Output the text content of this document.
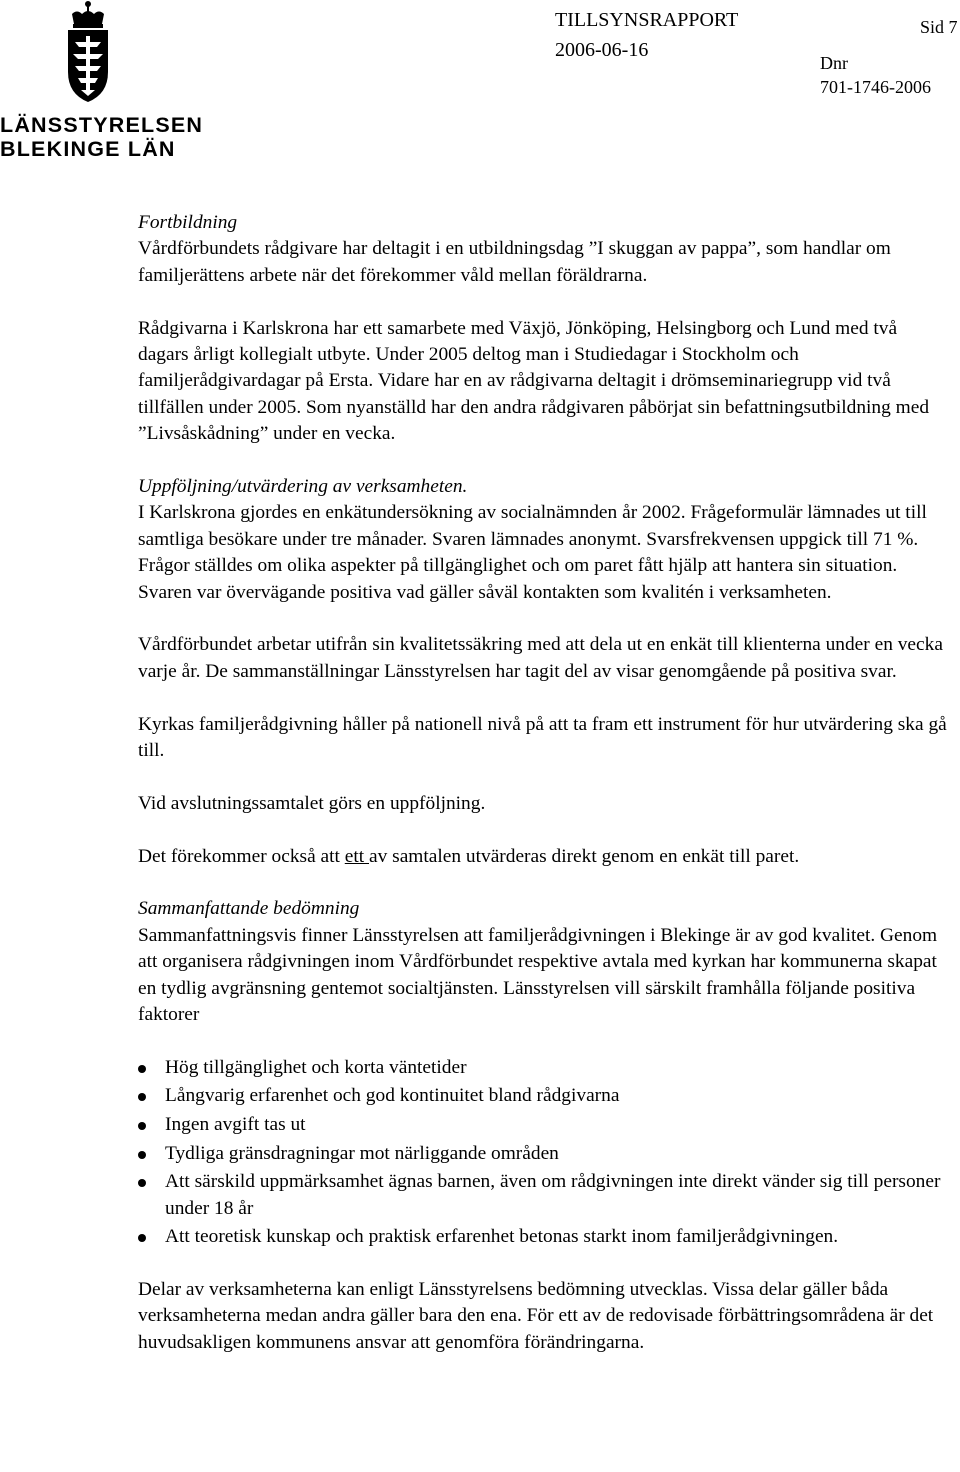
LÄNSSTYRELSEN
BLEKINGE LÄN
TILLSYNSRAPPORT
2006-06-16
Sid 7
Dnr
701-1746-2006

Fortbildning

Vårdförbundets rådgivare har deltagit i en utbildningsdag ”I skuggan av pappa”, som handlar om familjerättens arbete när det förekommer våld mellan föräldrarna.

Rådgivarna i Karlskrona har ett samarbete med Växjö, Jönköping, Helsingborg och Lund med två dagars årligt kollegialt utbyte. Under 2005 deltog man i Studiedagar i Stockholm och familjerådgivardagar på Ersta. Vidare har en av rådgivarna deltagit i drömseminariegrupp vid två tillfällen under 2005. Som nyanställd har den andra rådgivaren påbörjat sin befattningsutbildning med ”Livsåskådning” under en vecka.

Uppföljning/utvärdering av verksamheten.

I Karlskrona gjordes en enkätundersökning av socialnämnden år 2002. Frågeformulär lämnades ut till samtliga besökare under tre månader. Svaren lämnades anonymt. Svarsfrekvensen uppgick till 71 %. Frågor ställdes om olika aspekter på tillgänglighet och om paret fått hjälp att hantera sin situation. Svaren var övervägande positiva vad gäller såväl kontakten som kvalitén i verksamheten.

Vårdförbundet arbetar utifrån sin kvalitetssäkring med att dela ut en enkät till klienterna under en vecka varje år. De sammanställningar Länsstyrelsen har tagit del av visar genomgående på positiva svar.

Kyrkas familjerådgivning håller på nationell nivå på att ta fram ett instrument för hur utvärdering ska gå till.

Vid avslutningssamtalet görs en uppföljning.

Det förekommer också att ett av samtalen utvärderas direkt genom en enkät till paret.

Sammanfattande bedömning

Sammanfattningsvis finner Länsstyrelsen att familjerådgivningen i Blekinge är av god kvalitet. Genom att organisera rådgivningen inom Vårdförbundet respektive avtala med kyrkan har kommunerna skapat en tydlig avgränsning gentemot socialtjänsten. Länsstyrelsen vill särskilt framhålla följande positiva faktorer

Hög tillgänglighet och korta väntetider
Långvarig erfarenhet och god kontinuitet bland rådgivarna
Ingen avgift tas ut
Tydliga gränsdragningar mot närliggande områden
Att särskild uppmärksamhet ägnas barnen, även om rådgivningen inte direkt vänder sig till personer under 18 år
Att teoretisk kunskap och praktisk erfarenhet betonas starkt inom familjerådgivningen.

Delar av verksamheterna kan enligt Länsstyrelsens bedömning utvecklas. Vissa delar gäller båda verksamheterna medan andra gäller bara den ena. För ett av de redovisade förbättringsområdena är det huvudsakligen kommunens ansvar att genomföra förändringarna.
